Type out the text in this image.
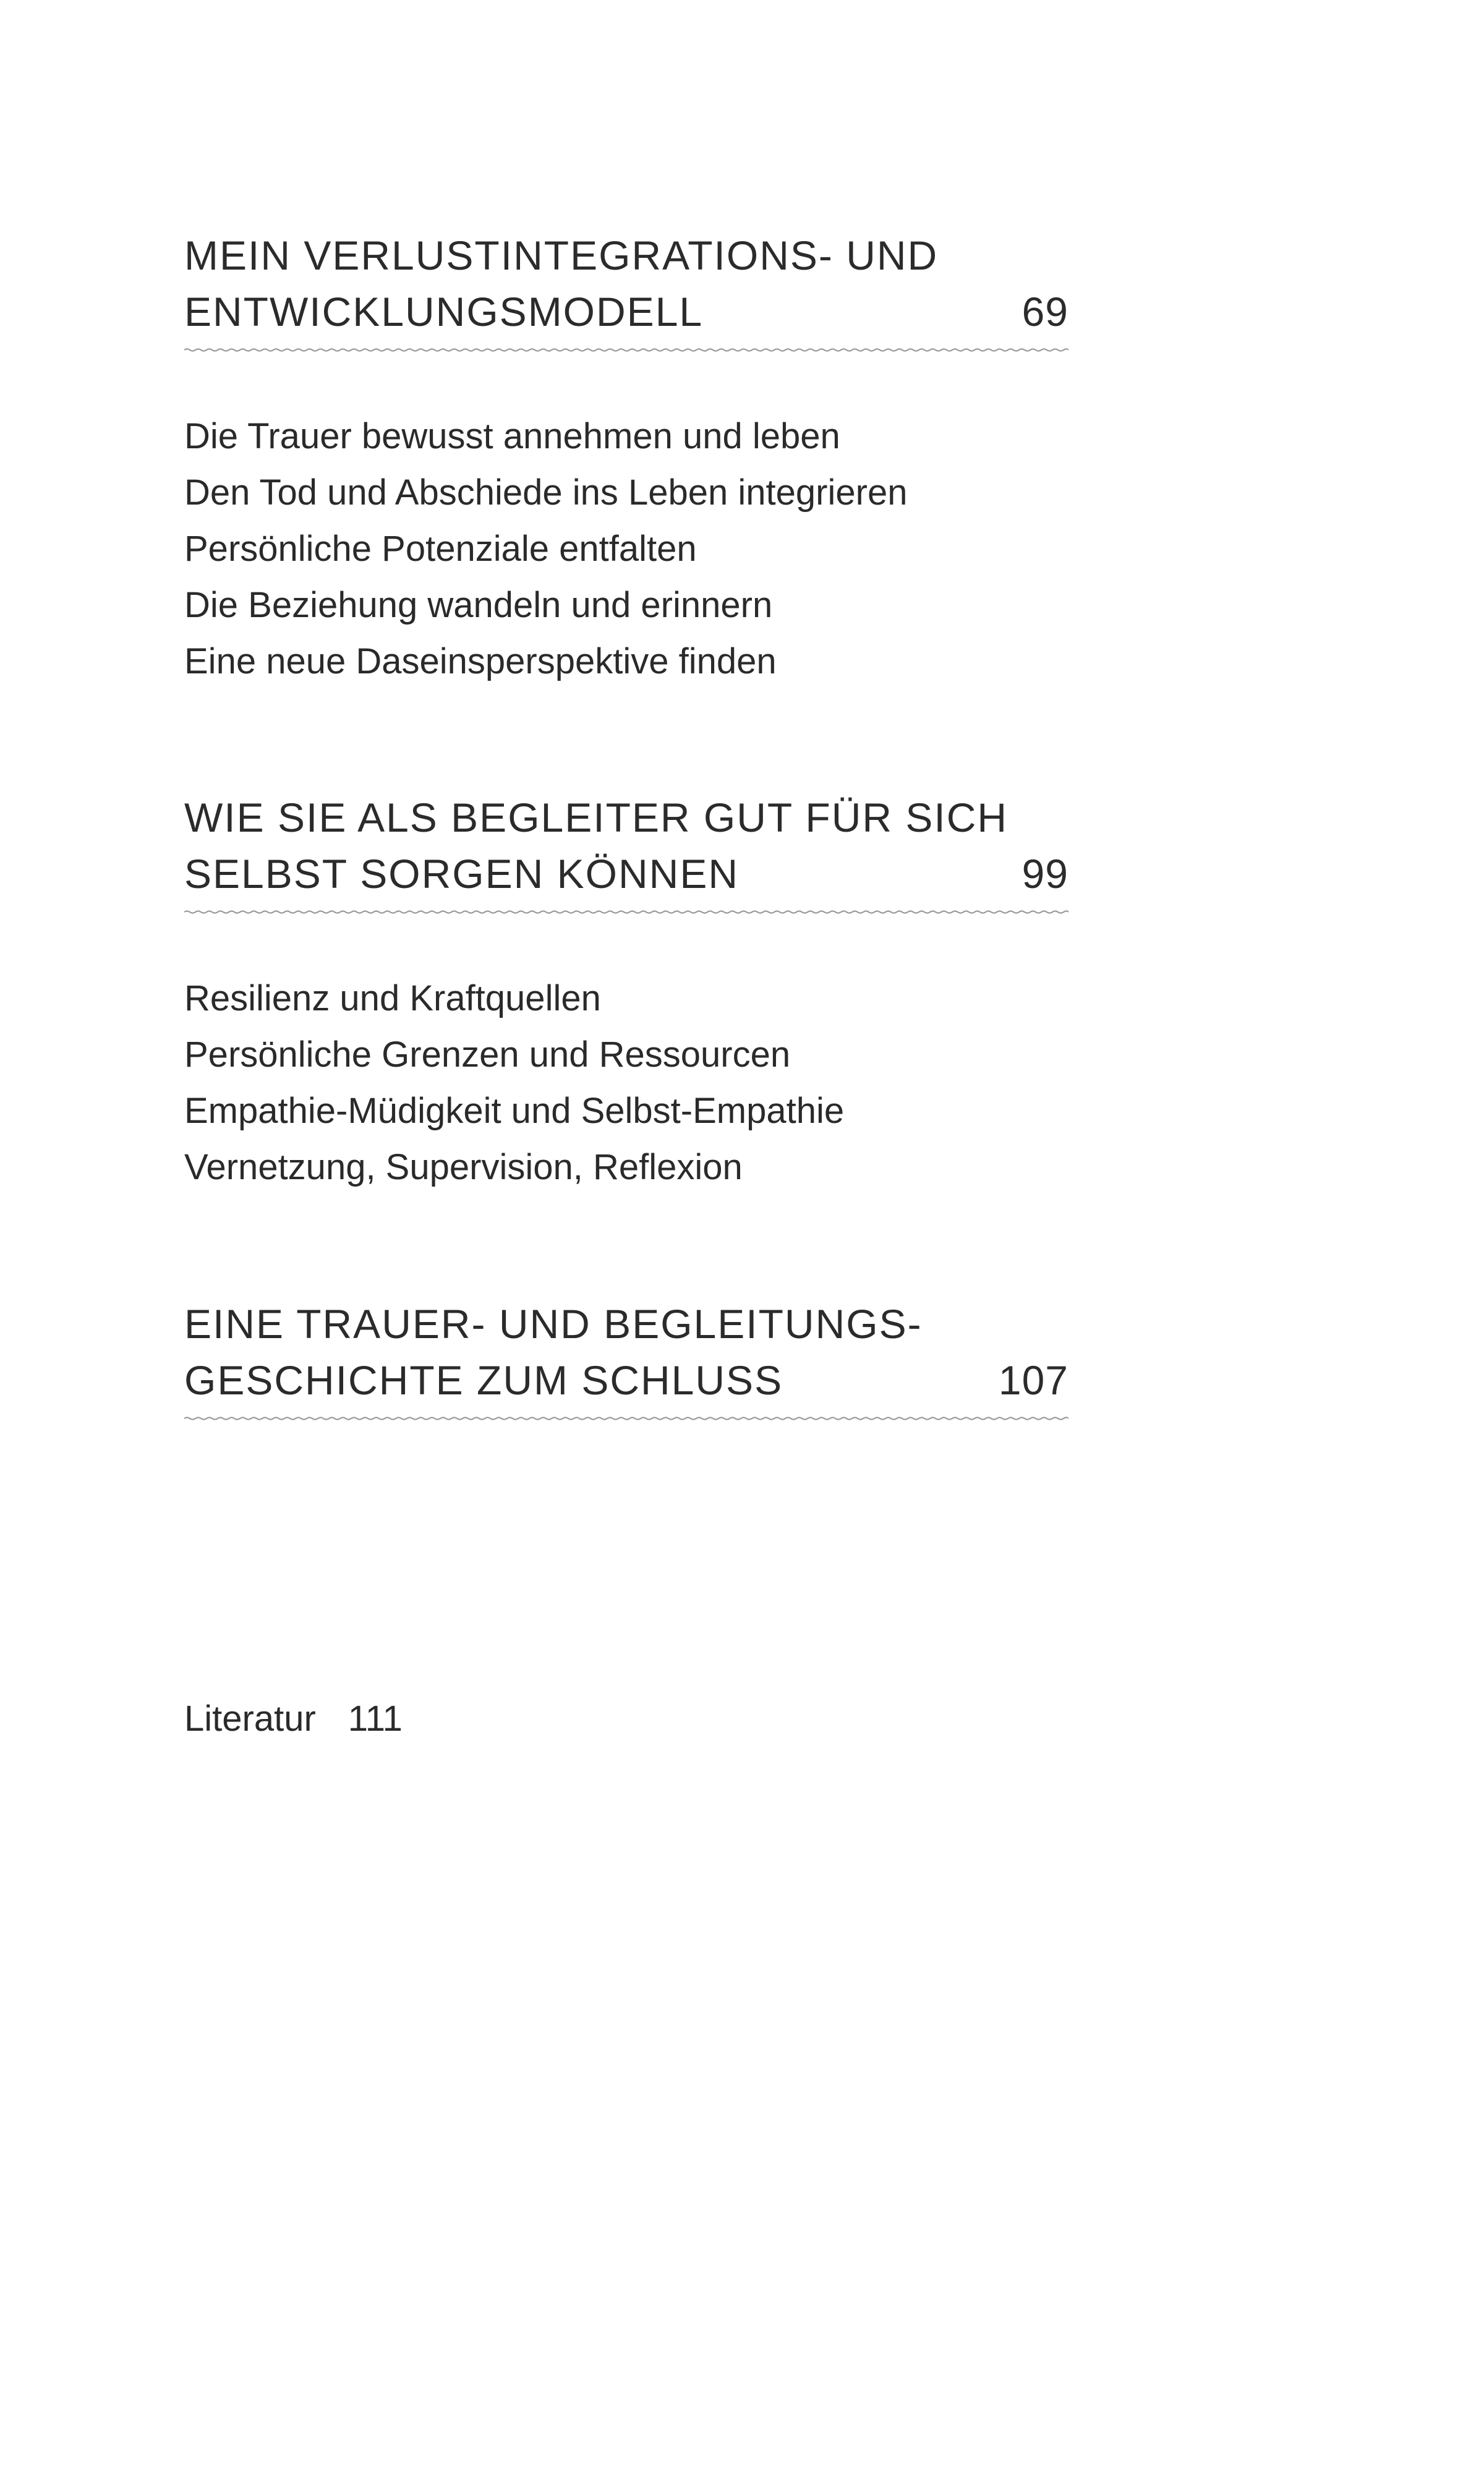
MEIN VERLUSTINTEGRATIONS- UND
ENTWICKLUNGSMODELL	69
Die Trauer bewusst annehmen und leben
Den Tod und Abschiede ins Leben integrieren
Persönliche Potenziale entfalten
Die Beziehung wandeln und erinnern
Eine neue Daseinsperspektive finden
WIE SIE ALS BEGLEITER GUT FÜR SICH
SELBST SORGEN KÖNNEN	99
Resilienz und Kraftquellen
Persönliche Grenzen und Ressourcen
Empathie-Müdigkeit und Selbst-Empathie
Vernetzung, Supervision, Reflexion
EINE TRAUER- UND BEGLEITUNGS-
GESCHICHTE ZUM SCHLUSS	107
Literatur 111
